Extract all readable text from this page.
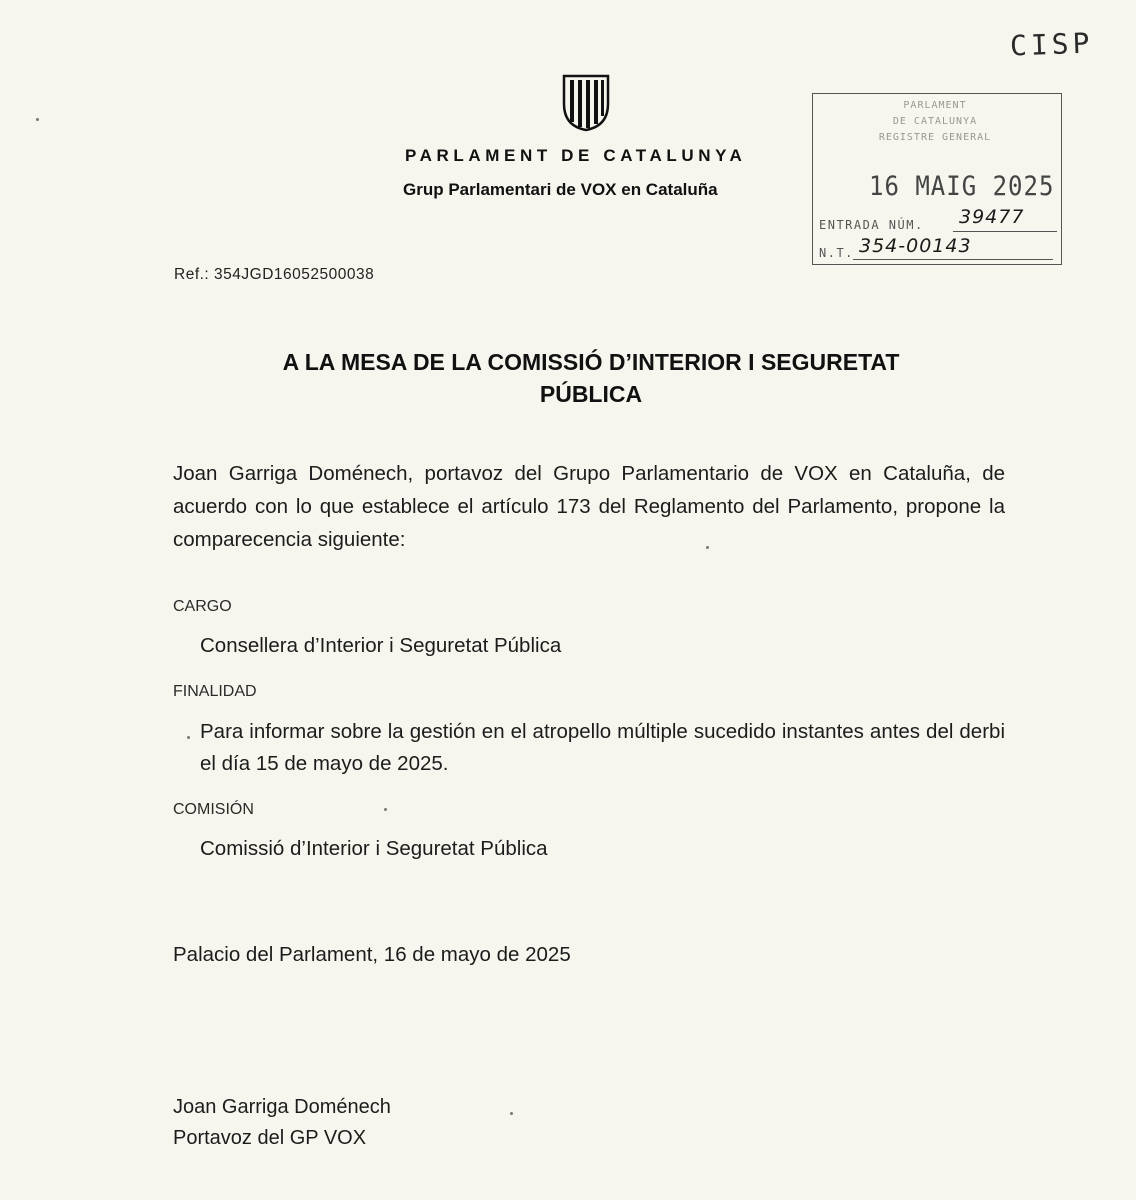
CISP
PARLAMENT DE CATALUNYA
Grup Parlamentari de VOX en Cataluña
PARLAMENT
DE CATALUNYA
REGISTRE GENERAL
16 MAIG 2025
ENTRADA NÚM. 39477
N.T. 354-00143
Ref.: 354JGD16052500038
A LA MESA DE LA COMISSIÓ D’INTERIOR I SEGURETAT PÚBLICA
Joan Garriga Doménech, portavoz del Grupo Parlamentario de VOX en Cataluña, de acuerdo con lo que establece el artículo 173 del Reglamento del Parlamento, propone la comparecencia siguiente:
CARGO
Consellera d’Interior i Seguretat Pública
FINALIDAD
Para informar sobre la gestión en el atropello múltiple sucedido instantes antes del derbi el día 15 de mayo de 2025.
COMISIÓN
Comissió d’Interior i Seguretat Pública
Palacio del Parlament, 16 de mayo de 2025
Joan Garriga Doménech
Portavoz del GP VOX
